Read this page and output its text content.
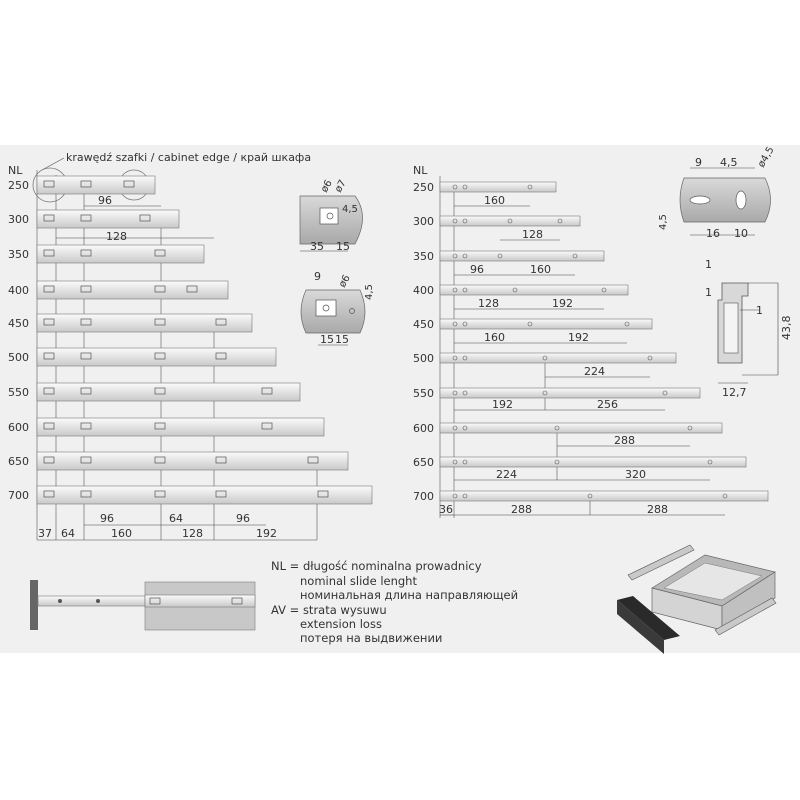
krawędź szafki / cabinet edge / край шкафа
NL
250
300
350
400
450
500
550
600
650
700
96
128
37 64	160
64
128
96
192
96
ø6
ø7
4,5
35 15
9 ø6
4,5
15 15
NL = długość nominalna prowadnicy
nominal slide lenght
номинальная длина направляющей
AV = strata wysuwu
extension loss
потеря на выдвижении
NL
250
300
350
400
450
500
550
600
650
700
160
128
96	160
128	192
160	192
224
192	256
288
224	320
36	288	288
9 4,5 ø4,5
4,5
16 10
1
1
1
43,8
12,7
